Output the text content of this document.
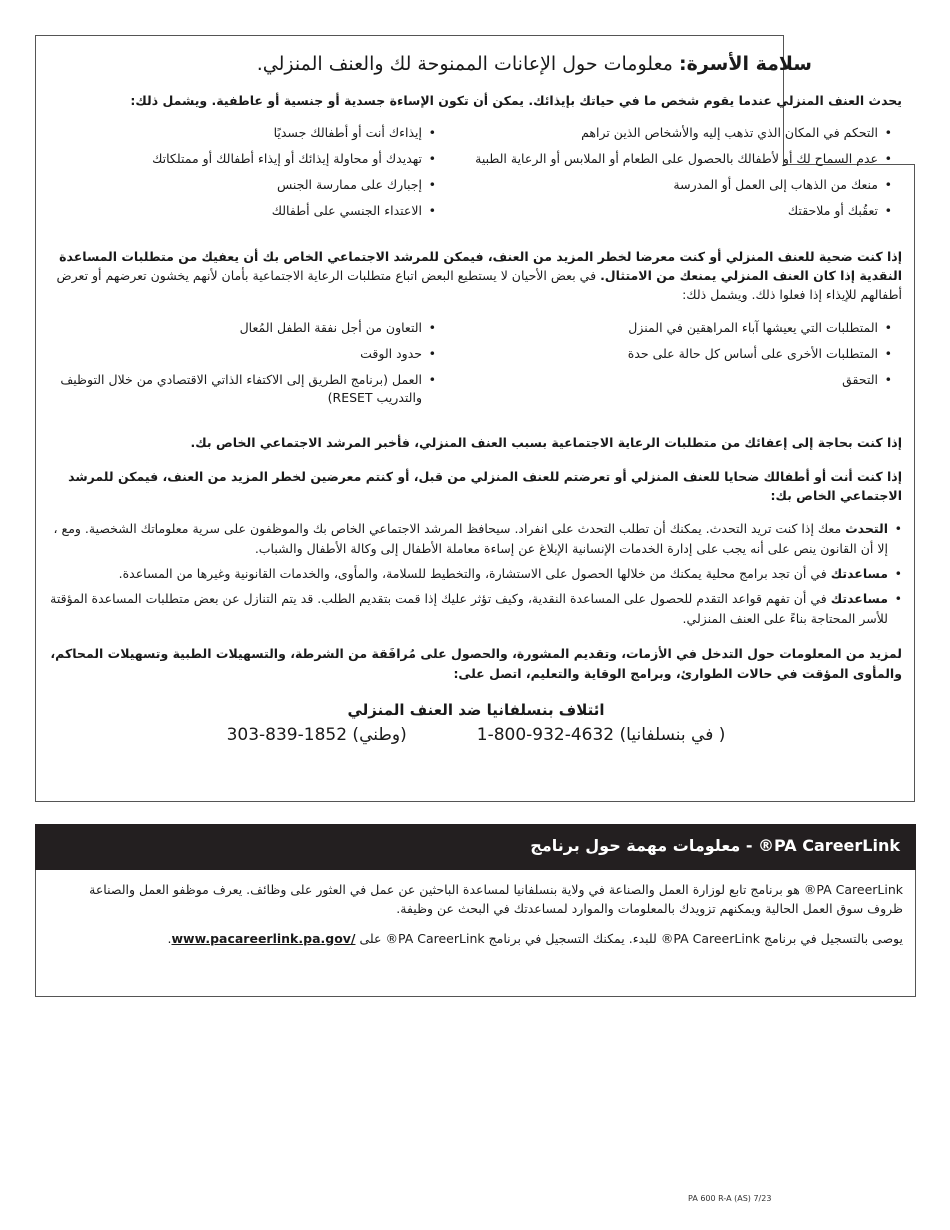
سلامة الأسرة: معلومات حول الإعانات الممنوحة لك والعنف المنزلي.

يحدث العنف المنزلي عندما يقوم شخص ما في حياتك بإيذائك. يمكن أن تكون الإساءة جسدية أو جنسية أو عاطفية. ويشمل ذلك:

• التحكم في المكان الذي تذهب إليه والأشخاص الذين تراهم
• عدم السماح لك أو لأطفالك بالحصول على الطعام أو الملابس أو الرعاية الطبية
• منعك من الذهاب إلى العمل أو المدرسة
• تعقُبك أو ملاحقتك
• إيذاءك أنت أو أطفالك جسديًا
• تهديدك أو محاولة إيذائك أو إيذاء أطفالك أو ممتلكاتك
• إجبارك على ممارسة الجنس
• الاعتداء الجنسي على أطفالك

إذا كنت ضحية للعنف المنزلي أو كنت معرضا لخطر المزيد من العنف، فيمكن للمرشد الاجتماعي الخاص بك أن يعفيك من متطلبات المساعدة النقدية إذا كان العنف المنزلي يمنعك من الامتثال. في بعض الأحيان لا يستطيع البعض اتباع متطلبات الرعاية الاجتماعية بأمان لأنهم يخشون تعرضهم أو تعرض أطفالهم للإيذاء إذا فعلوا ذلك. ويشمل ذلك:

• المتطلبات التي يعيشها آباء المراهقين في المنزل
• المتطلبات الأخرى على أساس كل حالة على حدة
• التحقق
• التعاون من أجل نفقة الطفل المُعال
• حدود الوقت
• العمل (برنامج الطريق إلى الاكتفاء الذاتي الاقتصادي من خلال التوظيف والتدريب RESET)

إذا كنت بحاجة إلى إعفائك من متطلبات الرعاية الاجتماعية بسبب العنف المنزلي، فأخبر المرشد الاجتماعي الخاص بك.

إذا كنت أنت أو أطفالك ضحايا للعنف المنزلي أو تعرضتم للعنف المنزلي من قبل، أو كنتم معرضين لخطر المزيد من العنف، فيمكن للمرشد الاجتماعي الخاص بك:

• التحدث معك إذا كنت تريد التحدث. يمكنك أن تطلب التحدث على انفراد. سيحافظ المرشد الاجتماعي الخاص بك والموظفون على سرية معلوماتك الشخصية. ومع ، إلا أن القانون ينص على أنه يجب على إدارة الخدمات الإنسانية الإبلاغ عن إساءة معاملة الأطفال إلى وكالة الأطفال والشباب.
• مساعدتك في أن تجد برامج محلية يمكنك من خلالها الحصول على الاستشارة، والتخطيط للسلامة، والمأوى، والخدمات القانونية وغيرها من المساعدة.
• مساعدتك في أن تفهم قواعد التقدم للحصول على المساعدة النقدية، وكيف تؤثر عليك إذا قمت بتقديم الطلب. قد يتم التنازل عن بعض متطلبات المساعدة المؤقتة للأسر المحتاجة بناءً على العنف المنزلي.

لمزيد من المعلومات حول التدخل في الأزمات، وتقديم المشورة، والحصول على مُرافَقة من الشرطة، والتسهيلات الطبية وتسهيلات المحاكم، والمأوى المؤقت في حالات الطوارئ، وبرامج الوقاية والتعليم، اتصل على:

ائتلاف بنسلفانيا ضد العنف المنزلي
303-839-1852 (وطني)	1-800-932-4632 (في بنسلفانيا )
PA CareerLink® - معلومات مهمة حول برنامج

PA CareerLink® هو برنامج تابع لوزارة العمل والصناعة في ولاية بنسلفانيا لمساعدة الباحثين عن عمل في العثور على وظائف. يعرف موظفو العمل والصناعة ظروف سوق العمل الحالية ويمكنهم تزويدك بالمعلومات والموارد لمساعدتك في البحث عن وظيفة.

يوصى بالتسجيل في برنامج PA CareerLink® للبدء. يمكنك التسجيل في برنامج PA CareerLink® على www.pacareerlink.pa.gov/.

PA 600 R-A (AS) 7/23
